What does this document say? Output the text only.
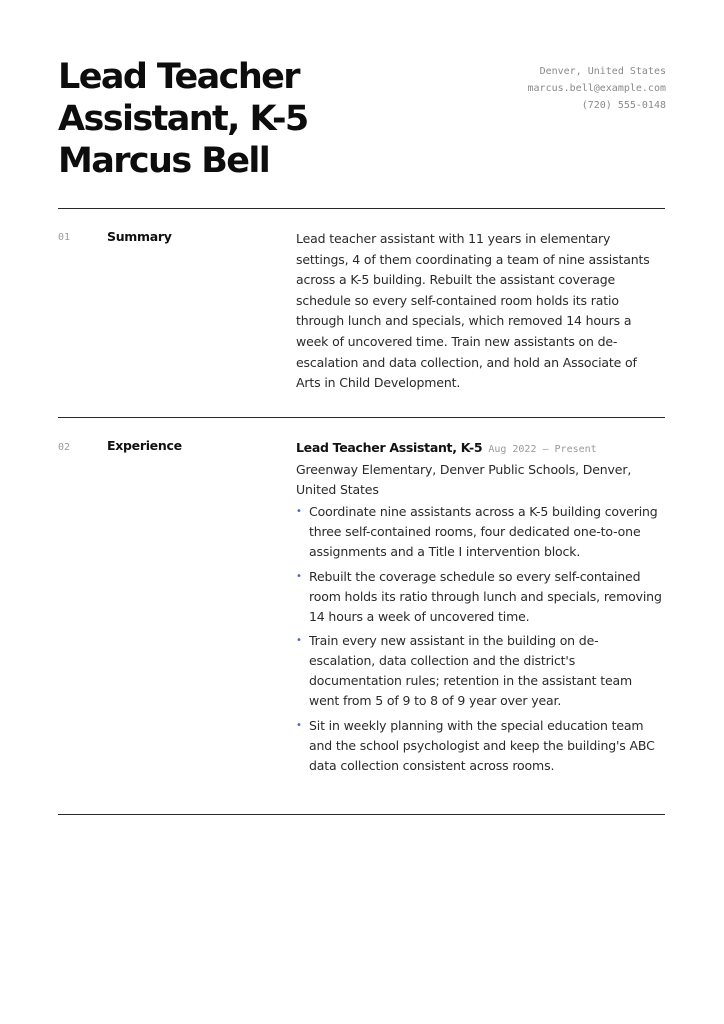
Lead Teacher
Assistant, K-5
Marcus Bell
Denver, United States
marcus.bell@example.com
(720) 555-0148
01	Summary	Lead teacher assistant with 11 years in elementary settings, 4 of them coordinating a team of nine assistants across a K-5 building. Rebuilt the assistant coverage schedule so every self-contained room holds its ratio through lunch and specials, which removed 14 hours a week of uncovered time. Train new assistants on de-escalation and data collection, and hold an Associate of Arts in Child Development.

02	Experience	Lead Teacher Assistant, K-5 Aug 2022 — Present
Greenway Elementary, Denver Public Schools, Denver, United States
• Coordinate nine assistants across a K-5 building covering three self-contained rooms, four dedicated one-to-one assignments and a Title I intervention block.
• Rebuilt the coverage schedule so every self-contained room holds its ratio through lunch and specials, removing 14 hours a week of uncovered time.
• Train every new assistant in the building on de-escalation, data collection and the district's documentation rules; retention in the assistant team went from 5 of 9 to 8 of 9 year over year.
• Sit in weekly planning with the special education team and the school psychologist and keep the building's ABC data collection consistent across rooms.
